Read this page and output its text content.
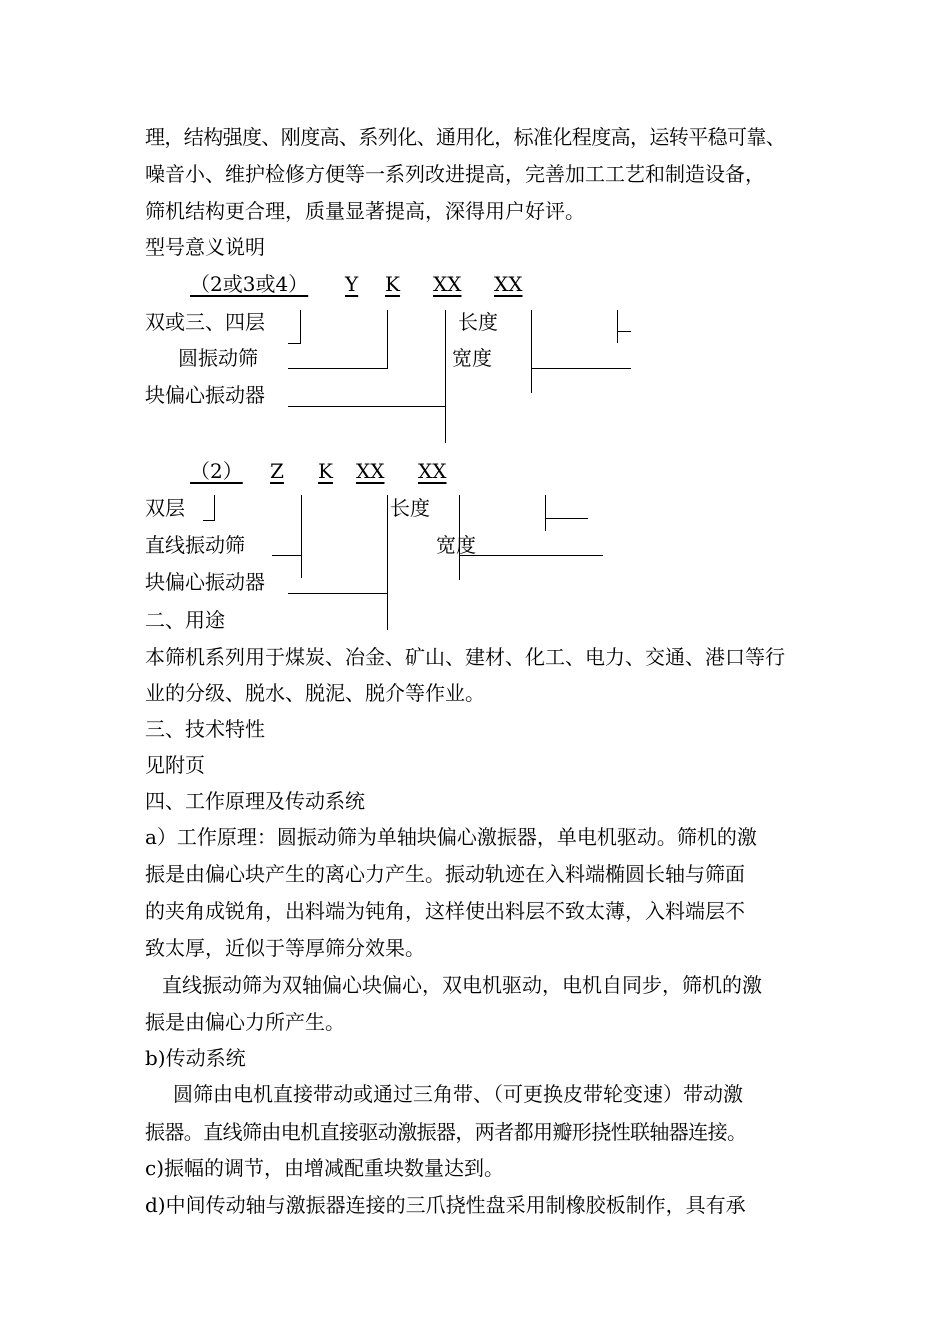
理，结构强度、刚度高、系列化、通用化，标准化程度高，运转平稳可靠、
噪音小、维护检修方便等一系列改进提高，完善加工工艺和制造设备，
筛机结构更合理，质量显著提高，深得用户好评。
型号意义说明
（2或3或4） Y K XX XX
双或三、四层
圆振动筛
块偏心振动器
长度
宽度
（2） Z K XX XX
双层
直线振动筛
块偏心振动器
长度
宽度
二、用途
本筛机系列用于煤炭、冶金、矿山、建材、化工、电力、交通、港口等行
业的分级、脱水、脱泥、脱介等作业。
三、技术特性
见附页
四、工作原理及传动系统
a）工作原理：圆振动筛为单轴块偏心激振器，单电机驱动。筛机的激
振是由偏心块产生的离心力产生。振动轨迹在入料端椭圆长轴与筛面
的夹角成锐角，出料端为钝角，这样使出料层不致太薄，入料端层不
致太厚，近似于等厚筛分效果。
直线振动筛为双轴偏心块偏心，双电机驱动，电机自同步，筛机的激
振是由偏心力所产生。
b)传动系统
圆筛由电机直接带动或通过三角带、（可更换皮带轮变速）带动激
振器。直线筛由电机直接驱动激振器，两者都用瓣形挠性联轴器连接。
c)振幅的调节，由增减配重块数量达到。
d)中间传动轴与激振器连接的三爪挠性盘采用制橡胶板制作，具有承
